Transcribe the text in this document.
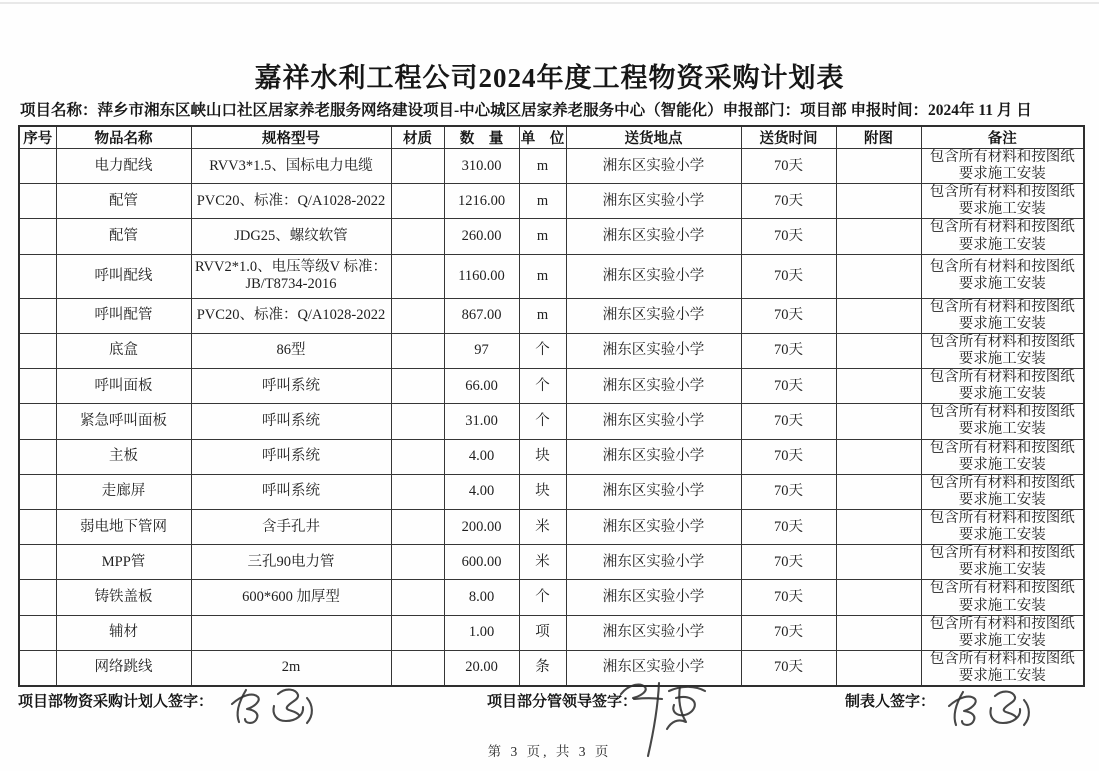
嘉祥水利工程公司2024年度工程物资采购计划表
项目名称：萍乡市湘东区峡山口社区居家养老服务网络建设项目-中心城区居家养老服务中心（智能化）申报部门：项目部 申报时间：2024年 11 月 日
序号	物品名称	规格型号	材质	数　量	单　位	送货地点	送货时间	附图	备注
	电力配线	RVV3*1.5、国标电力电缆		310.00	m	湘东区实验小学	70天		包含所有材料和按图纸要求施工安装
	配管	PVC20、标准：Q/A1028-2022		1216.00	m	湘东区实验小学	70天		包含所有材料和按图纸要求施工安装
	配管	JDG25、螺纹软管		260.00	m	湘东区实验小学	70天		包含所有材料和按图纸要求施工安装
	呼叫配线	RVV2*1.0、电压等级V 标准：JB/T8734-2016		1160.00	m	湘东区实验小学	70天		包含所有材料和按图纸要求施工安装
	呼叫配管	PVC20、标准：Q/A1028-2022		867.00	m	湘东区实验小学	70天		包含所有材料和按图纸要求施工安装
	底盒	86型		97	个	湘东区实验小学	70天		包含所有材料和按图纸要求施工安装
	呼叫面板	呼叫系统		66.00	个	湘东区实验小学	70天		包含所有材料和按图纸要求施工安装
	紧急呼叫面板	呼叫系统		31.00	个	湘东区实验小学	70天		包含所有材料和按图纸要求施工安装
	主板	呼叫系统		4.00	块	湘东区实验小学	70天		包含所有材料和按图纸要求施工安装
	走廊屏	呼叫系统		4.00	块	湘东区实验小学	70天		包含所有材料和按图纸要求施工安装
	弱电地下管网	含手孔井		200.00	米	湘东区实验小学	70天		包含所有材料和按图纸要求施工安装
	MPP管	三孔90电力管		600.00	米	湘东区实验小学	70天		包含所有材料和按图纸要求施工安装
	铸铁盖板	600*600 加厚型		8.00	个	湘东区实验小学	70天		包含所有材料和按图纸要求施工安装
	辅材			1.00	项	湘东区实验小学	70天		包含所有材料和按图纸要求施工安装
	网络跳线	2m		20.00	条	湘东区实验小学	70天		包含所有材料和按图纸要求施工安装
项目部物资采购计划人签字：	项目部分管领导签字：	制表人签字：
第 3 页, 共 3 页
